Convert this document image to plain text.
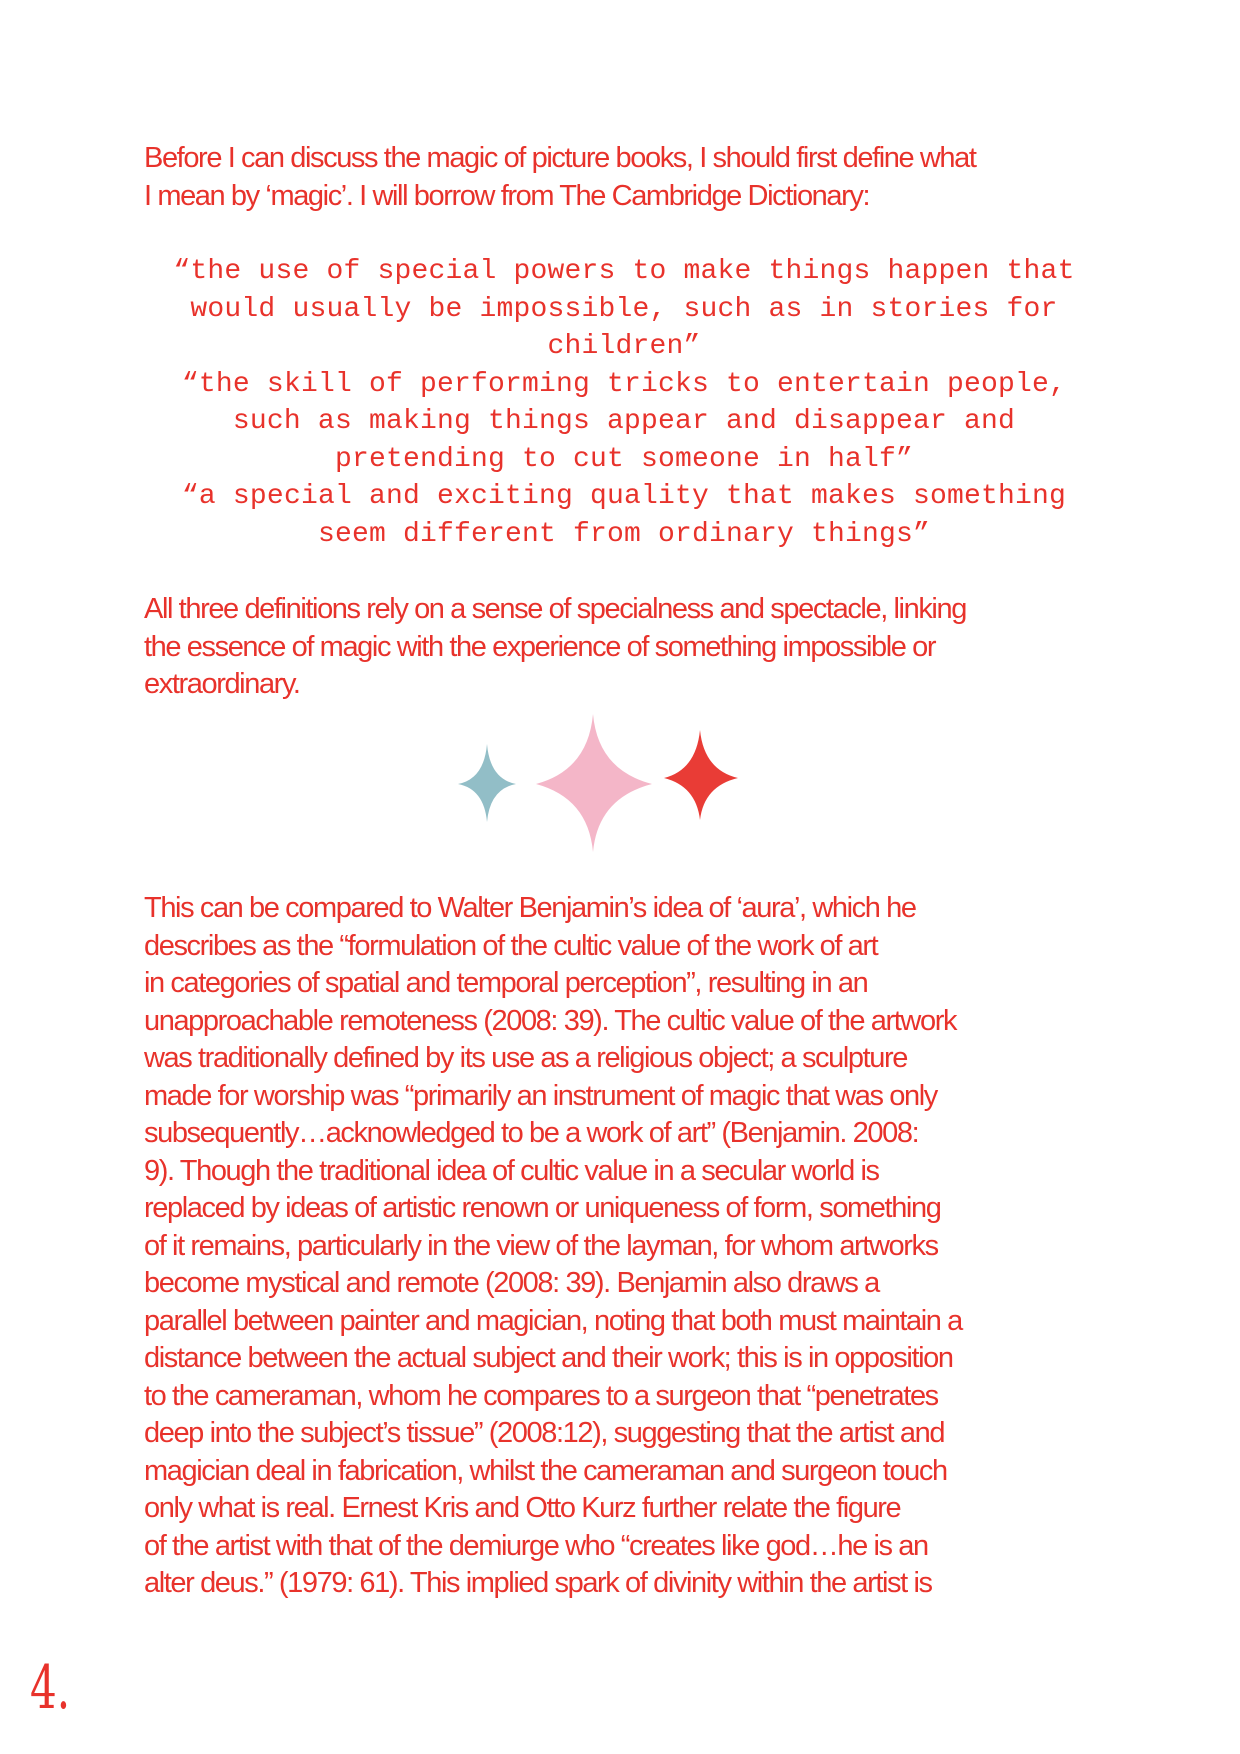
Before I can discuss the magic of picture books, I should first define what
I mean by ‘magic’. I will borrow from The Cambridge Dictionary:

“the use of special powers to make things happen that
would usually be impossible, such as in stories for
children”
“the skill of performing tricks to entertain people,
such as making things appear and disappear and
pretending to cut someone in half”
“a special and exciting quality that makes something
seem different from ordinary things”

All three definitions rely on a sense of specialness and spectacle, linking
the essence of magic with the experience of something impossible or
extraordinary.

This can be compared to Walter Benjamin’s idea of ‘aura’, which he
describes as the “formulation of the cultic value of the work of art
in categories of spatial and temporal perception”, resulting in an
unapproachable remoteness (2008: 39). The cultic value of the artwork
was traditionally defined by its use as a religious object; a sculpture
made for worship was “primarily an instrument of magic that was only
subsequently…acknowledged to be a work of art” (Benjamin. 2008:
9). Though the traditional idea of cultic value in a secular world is
replaced by ideas of artistic renown or uniqueness of form, something
of it remains, particularly in the view of the layman, for whom artworks
become mystical and remote (2008: 39). Benjamin also draws a
parallel between painter and magician, noting that both must maintain a
distance between the actual subject and their work; this is in opposition
to the cameraman, whom he compares to a surgeon that “penetrates
deep into the subject’s tissue” (2008:12), suggesting that the artist and
magician deal in fabrication, whilst the cameraman and surgeon touch
only what is real. Ernest Kris and Otto Kurz further relate the figure
of the artist with that of the demiurge who “creates like god…he is an
alter deus.” (1979: 61). This implied spark of divinity within the artist is

4.
